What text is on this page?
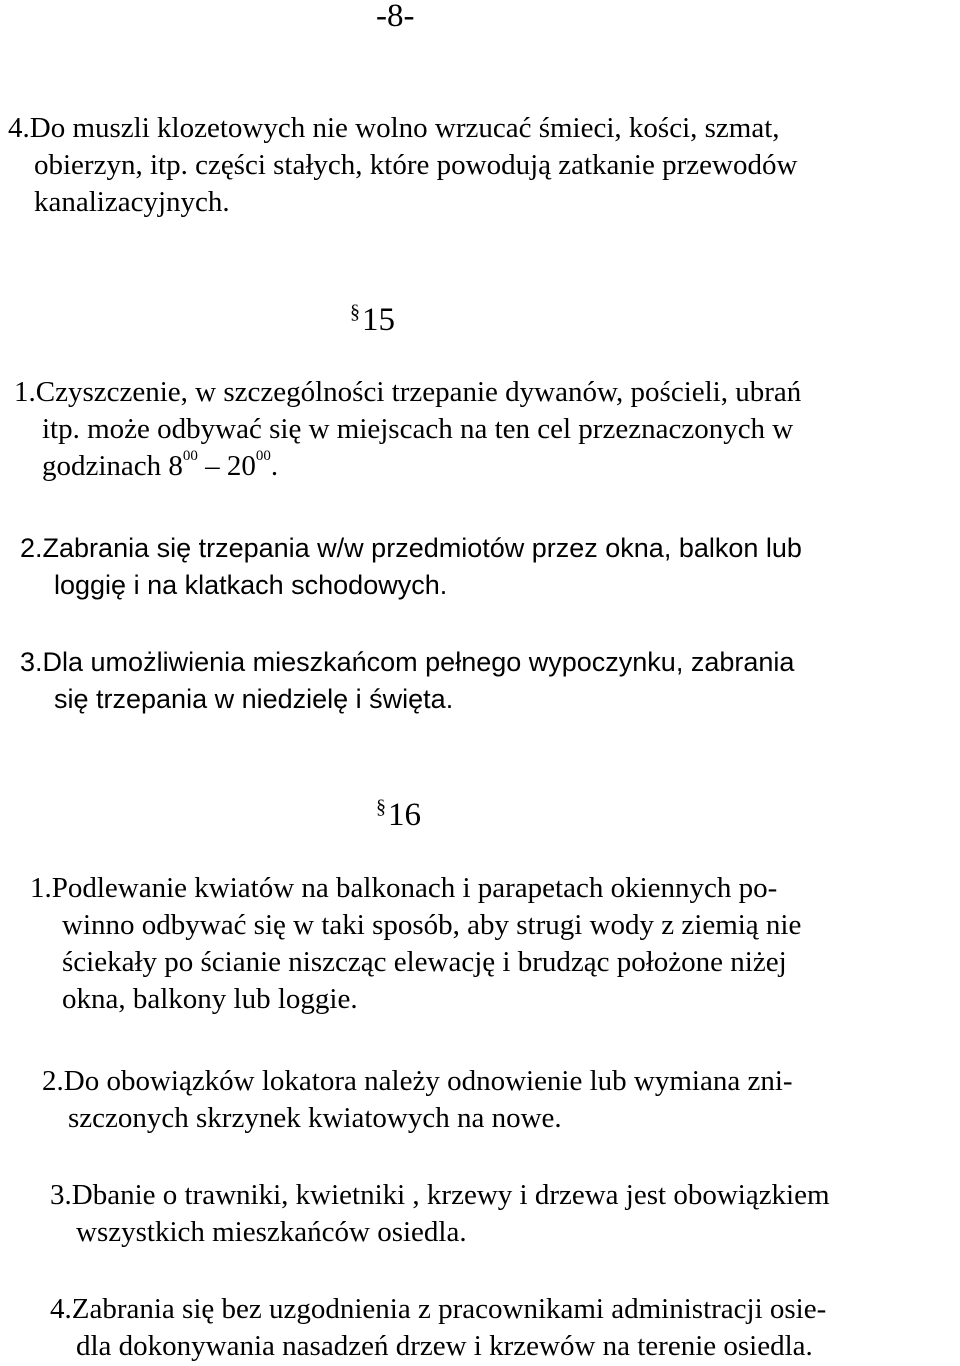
-8-
4.Do muszli klozetowych nie wolno wrzucać śmieci, kości, szmat,
obierzyn, itp. części stałych, które powodują zatkanie przewodów
kanalizacyjnych.
§15
1.Czyszczenie, w szczególności trzepanie dywanów, pościeli, ubrań
itp. może odbywać się w miejscach na ten cel przeznaczonych w
godzinach $8^{00} - 20^{00}$.
2.Zabrania się trzepania w/w przedmiotów przez okna, balkon lub
loggię i na klatkach schodowych.
3.Dla umożliwienia mieszkańcom pełnego wypoczynku, zabrania
się trzepania w niedzielę i święta.
§16
1.Podlewanie kwiatów na balkonach i parapetach okiennych po-
winno odbywać się w taki sposób, aby strugi wody z ziemią nie
ściekały po ścianie niszcząc elewację i brudząc położone niżej
okna, balkony lub loggie.
2.Do obowiązków lokatora należy odnowienie lub wymiana zni-
szczonych skrzynek kwiatowych na nowe.
3.Dbanie o trawniki, kwietniki , krzewy i drzewa jest obowiązkiem
wszystkich mieszkańców osiedla.
4.Zabrania się bez uzgodnienia z pracownikami administracji osie-
dla dokonywania nasadzeń drzew i krzewów na terenie osiedla.
